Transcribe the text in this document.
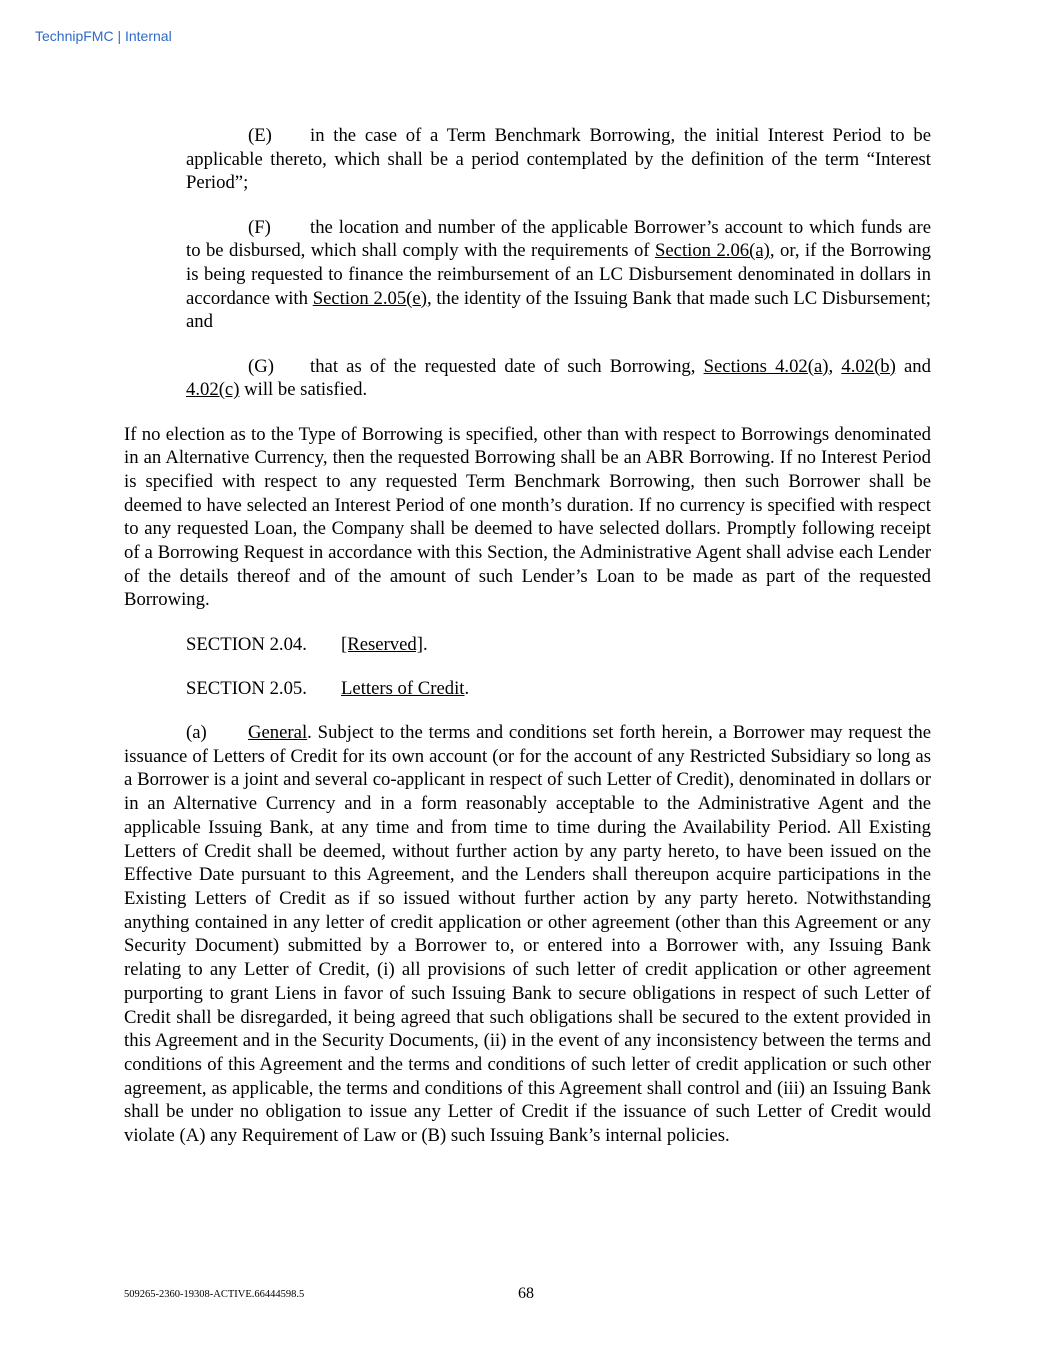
TechnipFMC | Internal

(E) in the case of a Term Benchmark Borrowing, the initial Interest Period to be applicable thereto, which shall be a period contemplated by the definition of the term “Interest Period”;

(F) the location and number of the applicable Borrower’s account to which funds are to be disbursed, which shall comply with the requirements of Section 2.06(a), or, if the Borrowing is being requested to finance the reimbursement of an LC Disbursement denominated in dollars in accordance with Section 2.05(e), the identity of the Issuing Bank that made such LC Disbursement; and

(G) that as of the requested date of such Borrowing, Sections 4.02(a), 4.02(b) and 4.02(c) will be satisfied.

If no election as to the Type of Borrowing is specified, other than with respect to Borrowings denominated in an Alternative Currency, then the requested Borrowing shall be an ABR Borrowing. If no Interest Period is specified with respect to any requested Term Benchmark Borrowing, then such Borrower shall be deemed to have selected an Interest Period of one month’s duration. If no currency is specified with respect to any requested Loan, the Company shall be deemed to have selected dollars. Promptly following receipt of a Borrowing Request in accordance with this Section, the Administrative Agent shall advise each Lender of the details thereof and of the amount of such Lender’s Loan to be made as part of the requested Borrowing.

SECTION 2.04. [Reserved].

SECTION 2.05. Letters of Credit.

(a) General. Subject to the terms and conditions set forth herein, a Borrower may request the issuance of Letters of Credit for its own account (or for the account of any Restricted Subsidiary so long as a Borrower is a joint and several co-applicant in respect of such Letter of Credit), denominated in dollars or in an Alternative Currency and in a form reasonably acceptable to the Administrative Agent and the applicable Issuing Bank, at any time and from time to time during the Availability Period. All Existing Letters of Credit shall be deemed, without further action by any party hereto, to have been issued on the Effective Date pursuant to this Agreement, and the Lenders shall thereupon acquire participations in the Existing Letters of Credit as if so issued without further action by any party hereto. Notwithstanding anything contained in any letter of credit application or other agreement (other than this Agreement or any Security Document) submitted by a Borrower to, or entered into a Borrower with, any Issuing Bank relating to any Letter of Credit, (i) all provisions of such letter of credit application or other agreement purporting to grant Liens in favor of such Issuing Bank to secure obligations in respect of such Letter of Credit shall be disregarded, it being agreed that such obligations shall be secured to the extent provided in this Agreement and in the Security Documents, (ii) in the event of any inconsistency between the terms and conditions of this Agreement and the terms and conditions of such letter of credit application or such other agreement, as applicable, the terms and conditions of this Agreement shall control and (iii) an Issuing Bank shall be under no obligation to issue any Letter of Credit if the issuance of such Letter of Credit would violate (A) any Requirement of Law or (B) such Issuing Bank’s internal policies.

509265-2360-19308-ACTIVE.66444598.5	68
